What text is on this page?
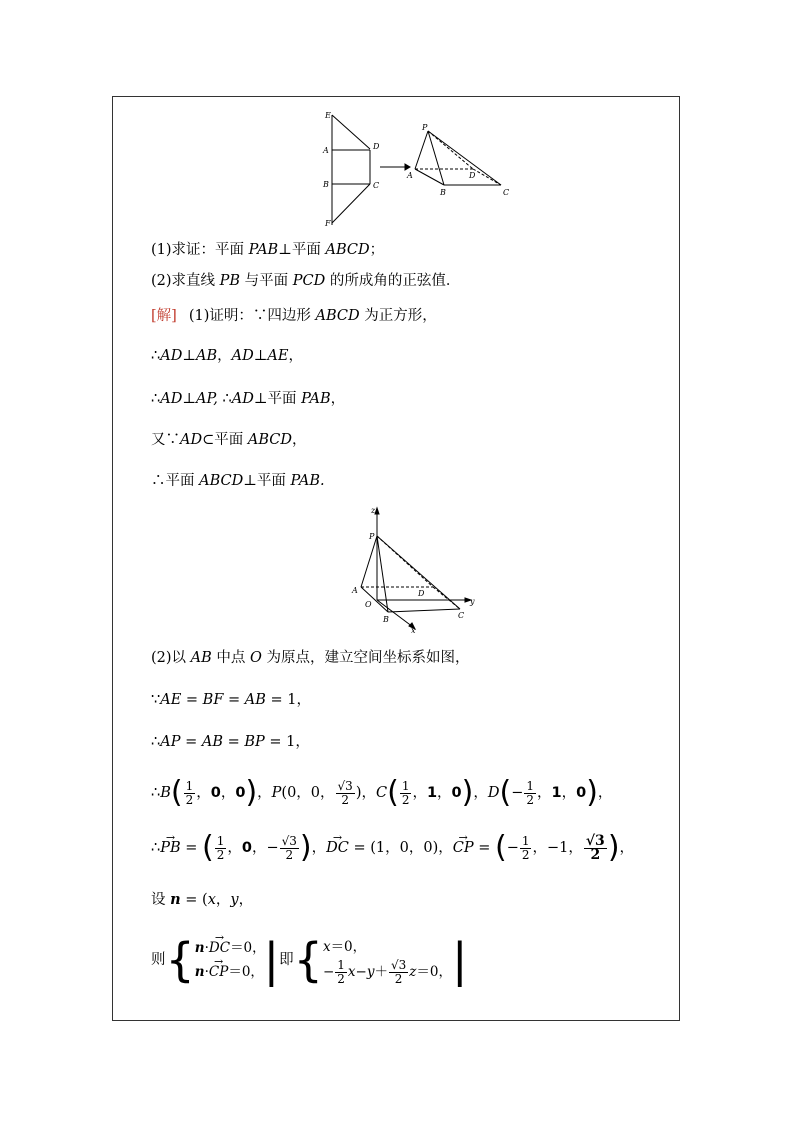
E
A
B
F
D
C
P
A
B	C
D
(1)求证：平面 PAB⊥平面 ABCD；
(2)求直线 PB 与平面 PCD 的所成角的正弦值．
[解] (1)证明：∵四边形 ABCD 为正方形，
∴AD⊥AB，AD⊥AE，
∴AD⊥AP, ∴AD⊥平面 PAB，
又∵AD⊂平面 ABCD，
∴平面 ABCD⊥平面 PAB.
z
P
A
O
B
D
C
y
x
(2)以 AB 中点 O 为原点，建立空间坐标系如图，
∵AE = BF = AB = 1，
∴AP = AB = BP = 1，
∴B( $\frac{1}{2}$ ，0，0)，P(0，0， $\frac{√3}{2}$ )，$C( \frac{1}{2}$ ，1，0)，$D(- \frac{1}{2}$ ，1，0)，
∴→ PB = ( $\frac{1}{2}$ ，0，− $\frac{√3}{2}$ )，→ DC = (1，0，0)，→ CP = (− $\frac{1}{2}$ ，−1， $\frac{√3}{2}$ )，
设 n = (x，y，
则{ n·→ DC＝0，
n·→ CP＝0， |即{ x＝0，
− $\frac{1}{2} x-y+ \frac{√3}{2} z=0$， |
